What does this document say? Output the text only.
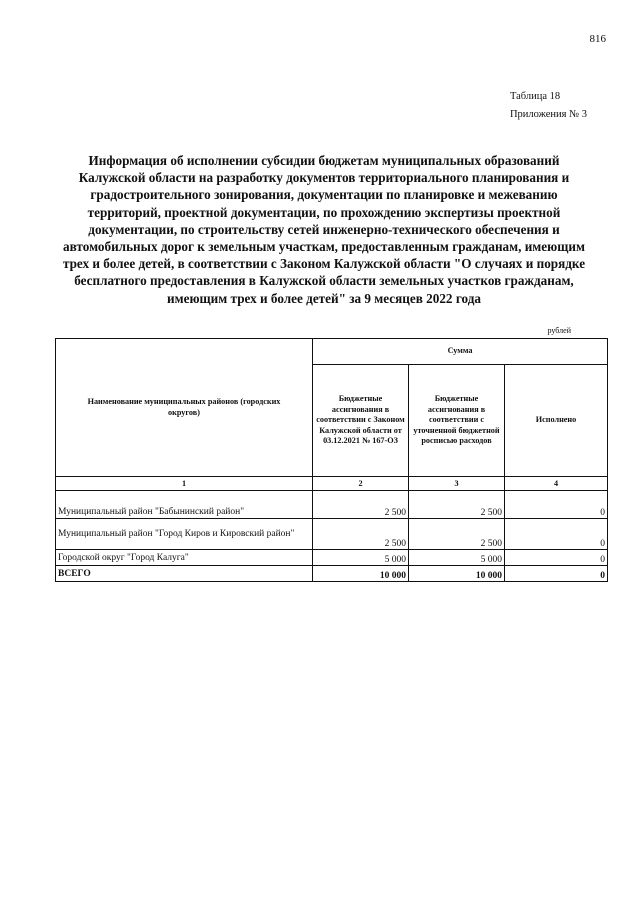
816
Таблица 18
Приложения № 3
Информация об исполнении субсидии бюджетам муниципальных образований Калужской области на разработку документов территориального планирования и градостроительного зонирования, документации по планировке и межеванию территорий, проектной документации, по прохождению экспертизы проектной документации, по строительству сетей инженерно-технического обеспечения и автомобильных дорог к земельным участкам, предоставленным гражданам, имеющим трех и более детей, в соответствии с Законом Калужской области "О случаях и порядке бесплатного предоставления в Калужской области земельных участков гражданам, имеющим трех и более детей" за 9 месяцев 2022 года
рублей
Наименование муниципальных районов (городских округов)	Сумма		
	Бюджетные ассигнования в соответствии с Законом Калужской области от 03.12.2021 № 167-ОЗ	Бюджетные ассигнования в соответствии с уточненной бюджетной росписью расходов	Исполнено
1	2	3	4
Муниципальный район "Бабынинский район"	2 500	2 500	0
Муниципальный район "Город Киров и Кировский район"	2 500	2 500	0
Городской округ "Город Калуга"	5 000	5 000	0
ВСЕГО	10 000	10 000	0
